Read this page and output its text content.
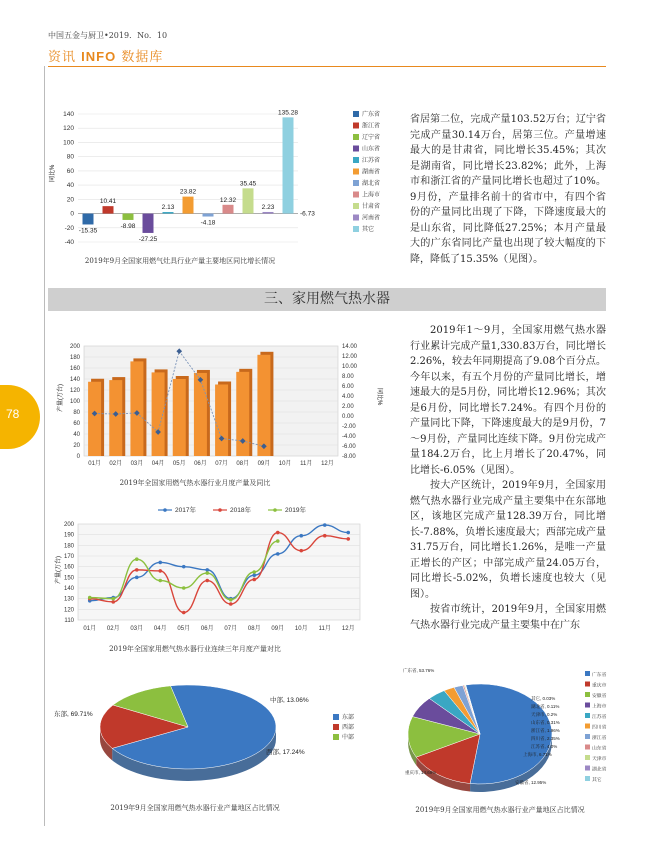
中国五金与厨卫•2019．No．10
资讯 INFO 数据库
78
同比%
140
120
100
80
60
40
20
0
-20
-40
-15.35
10.41
-8.98
-27.25
2.13
23.82
-4.18
12.32
35.45
2.23
135.28
-6.73
广东省
浙江省
辽宁省
山东省
江苏省
湖南省
湖北省
上海市
甘肃省
河南省
其它
2019年9月全国家用燃气灶具行业产量主要地区同比增长情况
省居第二位，完成产量103.52万台；辽宁省完成产量30.14万台，居第三位。产量增速最大的是甘肃省，同比增长35.45%；其次是湖南省，同比增长23.82%；此外，上海市和浙江省的产量同比增长也超过了10%。9月份，产量排名前十的省市中，有四个省份的产量同比出现了下降，下降速度最大的是山东省，同比降低27.25%；本月产量最大的广东省同比产量也出现了较大幅度的下降，降低了15.35%（见图）。
三、家用燃气热水器
产量(万台)	同比%
200
180
160
140
120
100
80
60
40
20
0
14.00
12.00
10.00
8.00
6.00
4.00
2.00
0.00
-2.00
-4.00
-6.00
-8.00
01月 02月 03月 04月 05月 06月 07月 08月 09月 10月 11月 12月
2019年全国家用燃气热水器行业月度产量及同比
产量(万台)
2017年	2018年	2019年
200
190
180
170
160
150
140
130
120
110
01月 02月 03月 04月 05月 06月 07月 08月 09月 10月 11月 12月
2019年全国家用燃气热水器行业连续三年月度产量对比

2019年1～9月，全国家用燃气热水器行业累计完成产量1,330.83万台，同比增长2.26%，较去年同期提高了9.08个百分点。今年以来，有五个月份的产量同比增长，增速最大的是5月份，同比增长12.96%；其次是6月份，同比增长7.24%。有四个月份的产量同比下降，下降速度最大的是9月份，7～9月份，产量同比连续下降。9月份完成产量184.2万台，比上月增长了20.47%，同比增长-6.05%（见图）。

按大产区统计，2019年9月，全国家用燃气热水器行业完成产量主要集中在东部地区，该地区完成产量128.39万台，同比增长-7.88%，负增长速度最大；西部完成产量31.75万台，同比增长1.26%，是唯一产量正增长的产区；中部完成产量24.05万台，同比增长-5.02%，负增长速度也较大（见图）。

按省市统计，2019年9月，全国家用燃气热水器行业完成产量主要集中在广东

东部, 69.71%
西部, 17.24%
中部, 13.06%
东部
西部
中部
2019年9月全国家用燃气热水器行业产量地区占比情况
广东省, 53.76%
重庆市, 14.69%
安徽省, 12.95%
上海市, 6.71%
江苏省, 4.0%
四川省, 2.35%
浙江省, 1.96%
山东省, 0.31%
天津市, 0.2%
湖北省, 0.11%
其它, 0.03%
广东省
重庆市
安徽省
上海市
江苏省
四川省
浙江省
山东省
天津市
湖北省
其它
2019年9月全国家用燃气热水器行业产量地区占比情况
